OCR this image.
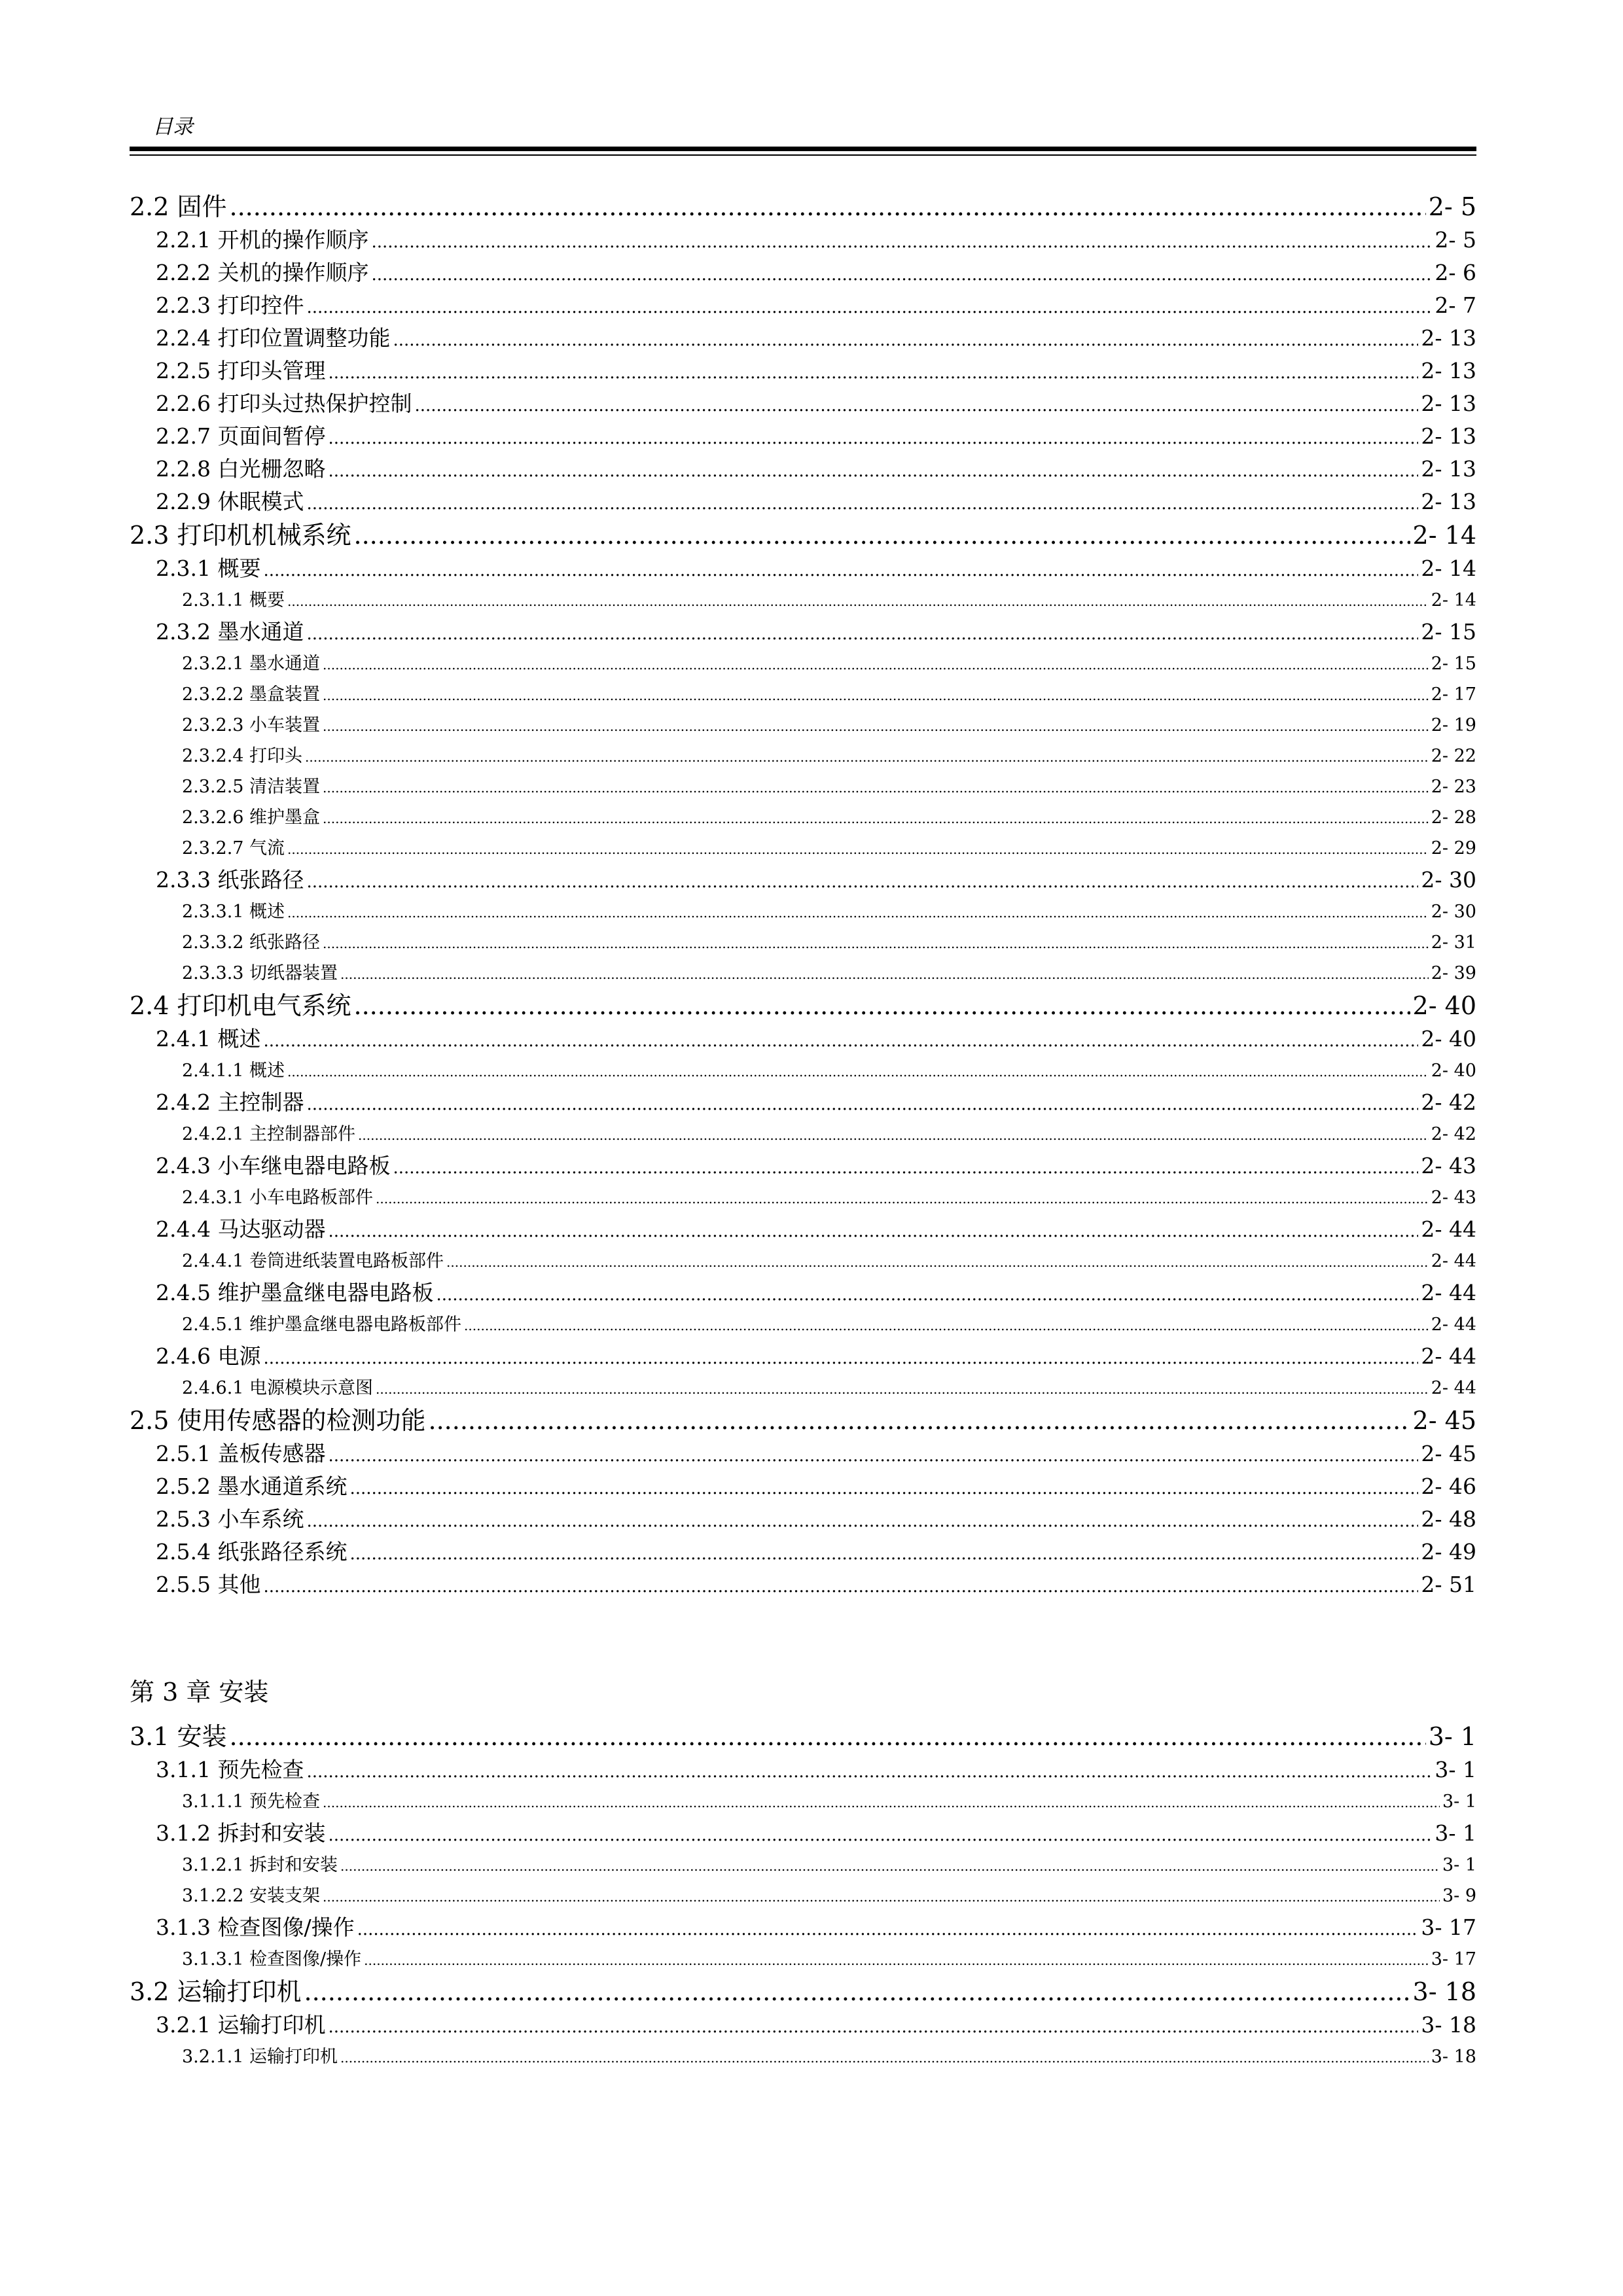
目录
2.2 固件 .....	2- 5
2.2.1 开机的操作顺序 .....	2- 5
2.2.2 关机的操作顺序 .....	2- 6
2.2.3 打印控件 .....	2- 7
2.2.4 打印位置调整功能 .....	2- 13
2.2.5 打印头管理 .....	2- 13
2.2.6 打印头过热保护控制 .....	2- 13
2.2.7 页面间暂停 .....	2- 13
2.2.8 白光栅忽略 .....	2- 13
2.2.9 休眠模式 .....	2- 13
2.3 打印机机械系统 .....	2- 14
2.3.1 概要 .....	2- 14
2.3.1.1 概要 .....	2- 14
2.3.2 墨水通道 .....	2- 15
2.3.2.1 墨水通道 .....	2- 15
2.3.2.2 墨盒装置 .....	2- 17
2.3.2.3 小车装置 .....	2- 19
2.3.2.4 打印头 .....	2- 22
2.3.2.5 清洁装置 .....	2- 23
2.3.2.6 维护墨盒 .....	2- 28
2.3.2.7 气流 .....	2- 29
2.3.3 纸张路径 .....	2- 30
2.3.3.1 概述 .....	2- 30
2.3.3.2 纸张路径 .....	2- 31
2.3.3.3 切纸器装置 .....	2- 39
2.4 打印机电气系统 .....	2- 40
2.4.1 概述 .....	2- 40
2.4.1.1 概述 .....	2- 40
2.4.2 主控制器 .....	2- 42
2.4.2.1 主控制器部件 .....	2- 42
2.4.3 小车继电器电路板 .....	2- 43
2.4.3.1 小车电路板部件 .....	2- 43
2.4.4 马达驱动器 .....	2- 44
2.4.4.1 卷筒进纸装置电路板部件 .....	2- 44
2.4.5 维护墨盒继电器电路板 .....	2- 44
2.4.5.1 维护墨盒继电器电路板部件 .....	2- 44
2.4.6 电源 .....	2- 44
2.4.6.1 电源模块示意图 .....	2- 44
2.5 使用传感器的检测功能 .....	2- 45
2.5.1 盖板传感器 .....	2- 45
2.5.2 墨水通道系统 .....	2- 46
2.5.3 小车系统 .....	2- 48
2.5.4 纸张路径系统 .....	2- 49
2.5.5 其他 .....	2- 51
第 3 章 安装
3.1 安装 .....	3- 1
3.1.1 预先检查 .....	3- 1
3.1.1.1 预先检查 .....	3- 1
3.1.2 拆封和安装 .....	3- 1
3.1.2.1 拆封和安装 .....	3- 1
3.1.2.2 安装支架 .....	3- 9
3.1.3 检查图像/操作 .....	3- 17
3.1.3.1 检查图像/操作 .....	3- 17
3.2 运输打印机 .....	3- 18
3.2.1 运输打印机 .....	3- 18
3.2.1.1 运输打印机 .....	3- 18
